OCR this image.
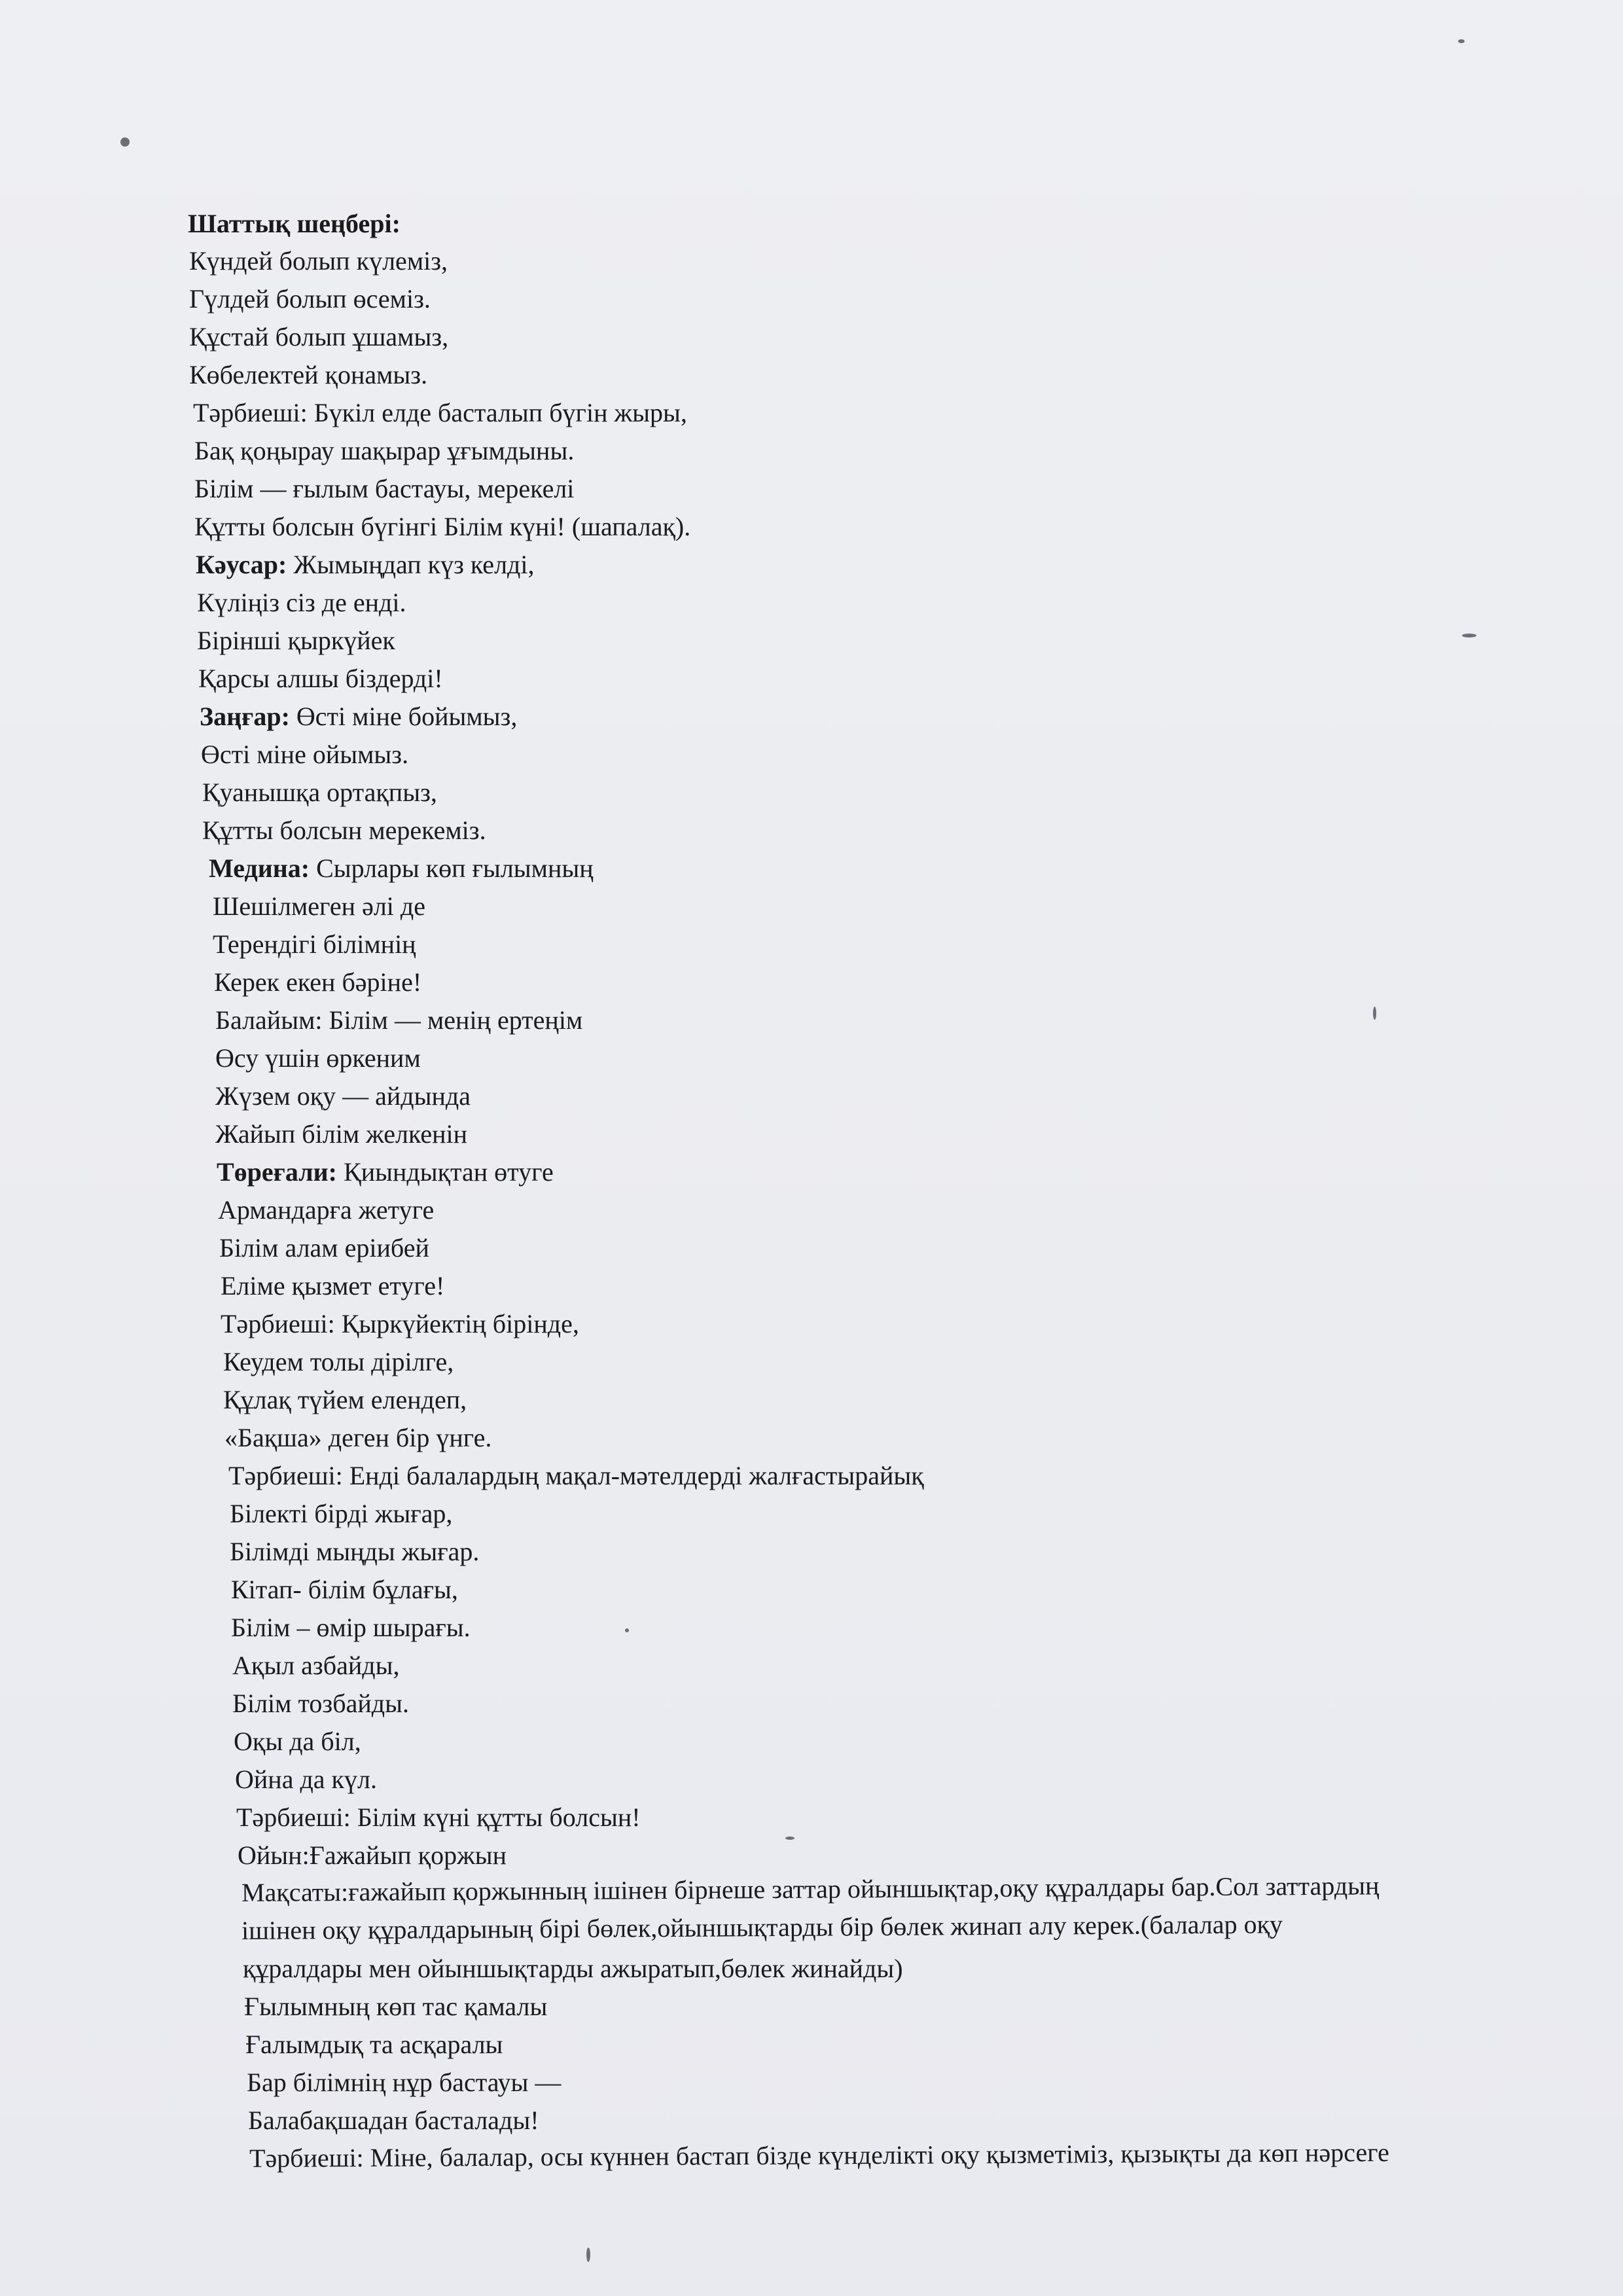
Шаттық шеңбері:

Күндей болып күлеміз,

Гүлдей болып өсеміз.

Құстай болып ұшамыз,

Көбелектей қонамыз.

Тәрбиеші: Бүкіл елде басталып бүгін жыры,

Бақ қоңырау шақырар ұғымдыны.

Білім — ғылым бастауы, мерекелі

Құтты болсын бүгінгі Білім күні! (шапалақ).

Кәусар: Жымыңдап күз келді,

Күліңіз сіз де енді.

Бірінші қыркүйек

Қарсы алшы біздерді!

Заңғар: Өсті міне бойымыз,

Өсті міне ойымыз.

Қуанышқа ортақпыз,

Құтты болсын мерекеміз.

Медина: Сырлары көп ғылымның

Шешілмеген әлі де

Терендігі білімнің

Керек екен бәріне!

Балайым: Білім — менің ертеңім

Өсу үшін өркеним

Жүзем оқу — айдында

Жайып білім желкенін

Төреғали: Қиындықтан өтуге

Армандарға жетуге

Білім алам еріибей

Еліме қызмет етуге!

Тәрбиеші: Қыркүйектің бірінде,

Кеудем толы дірілге,

Құлақ түйем елендеп,

«Бақша» деген бір үнге.

Тәрбиеші: Енді балалардың мақал-мәтелдерді жалғастырайық

Білекті бірді жығар,

Білімді мыңды жығар.

Кітап- білім бұлағы,

Білім – өмір шырағы.

Ақыл азбайды,

Білім тозбайды.

Оқы да біл,

Ойна да күл.

Тәрбиеші: Білім күні құтты болсын!

Ойын:Ғажайып қоржын

Мақсаты:ғажайып қоржынның ішінен бірнеше заттар ойыншықтар,оқу құралдары бар.Сол заттардың

ішінен оқу құралдарының бірі бөлек,ойыншықтарды бір бөлек жинап алу керек.(балалар оқу

құралдары мен ойыншықтарды ажыратып,бөлек жинайды)

Ғылымның көп тас қамалы

Ғалымдық та асқаралы

Бар білімнің нұр бастауы —

Балабақшадан басталады!

Тәрбиеші: Міне, балалар, осы күннен бастап бізде күнделікті оқу қызметіміз, қызықты да көп нәрсеге
